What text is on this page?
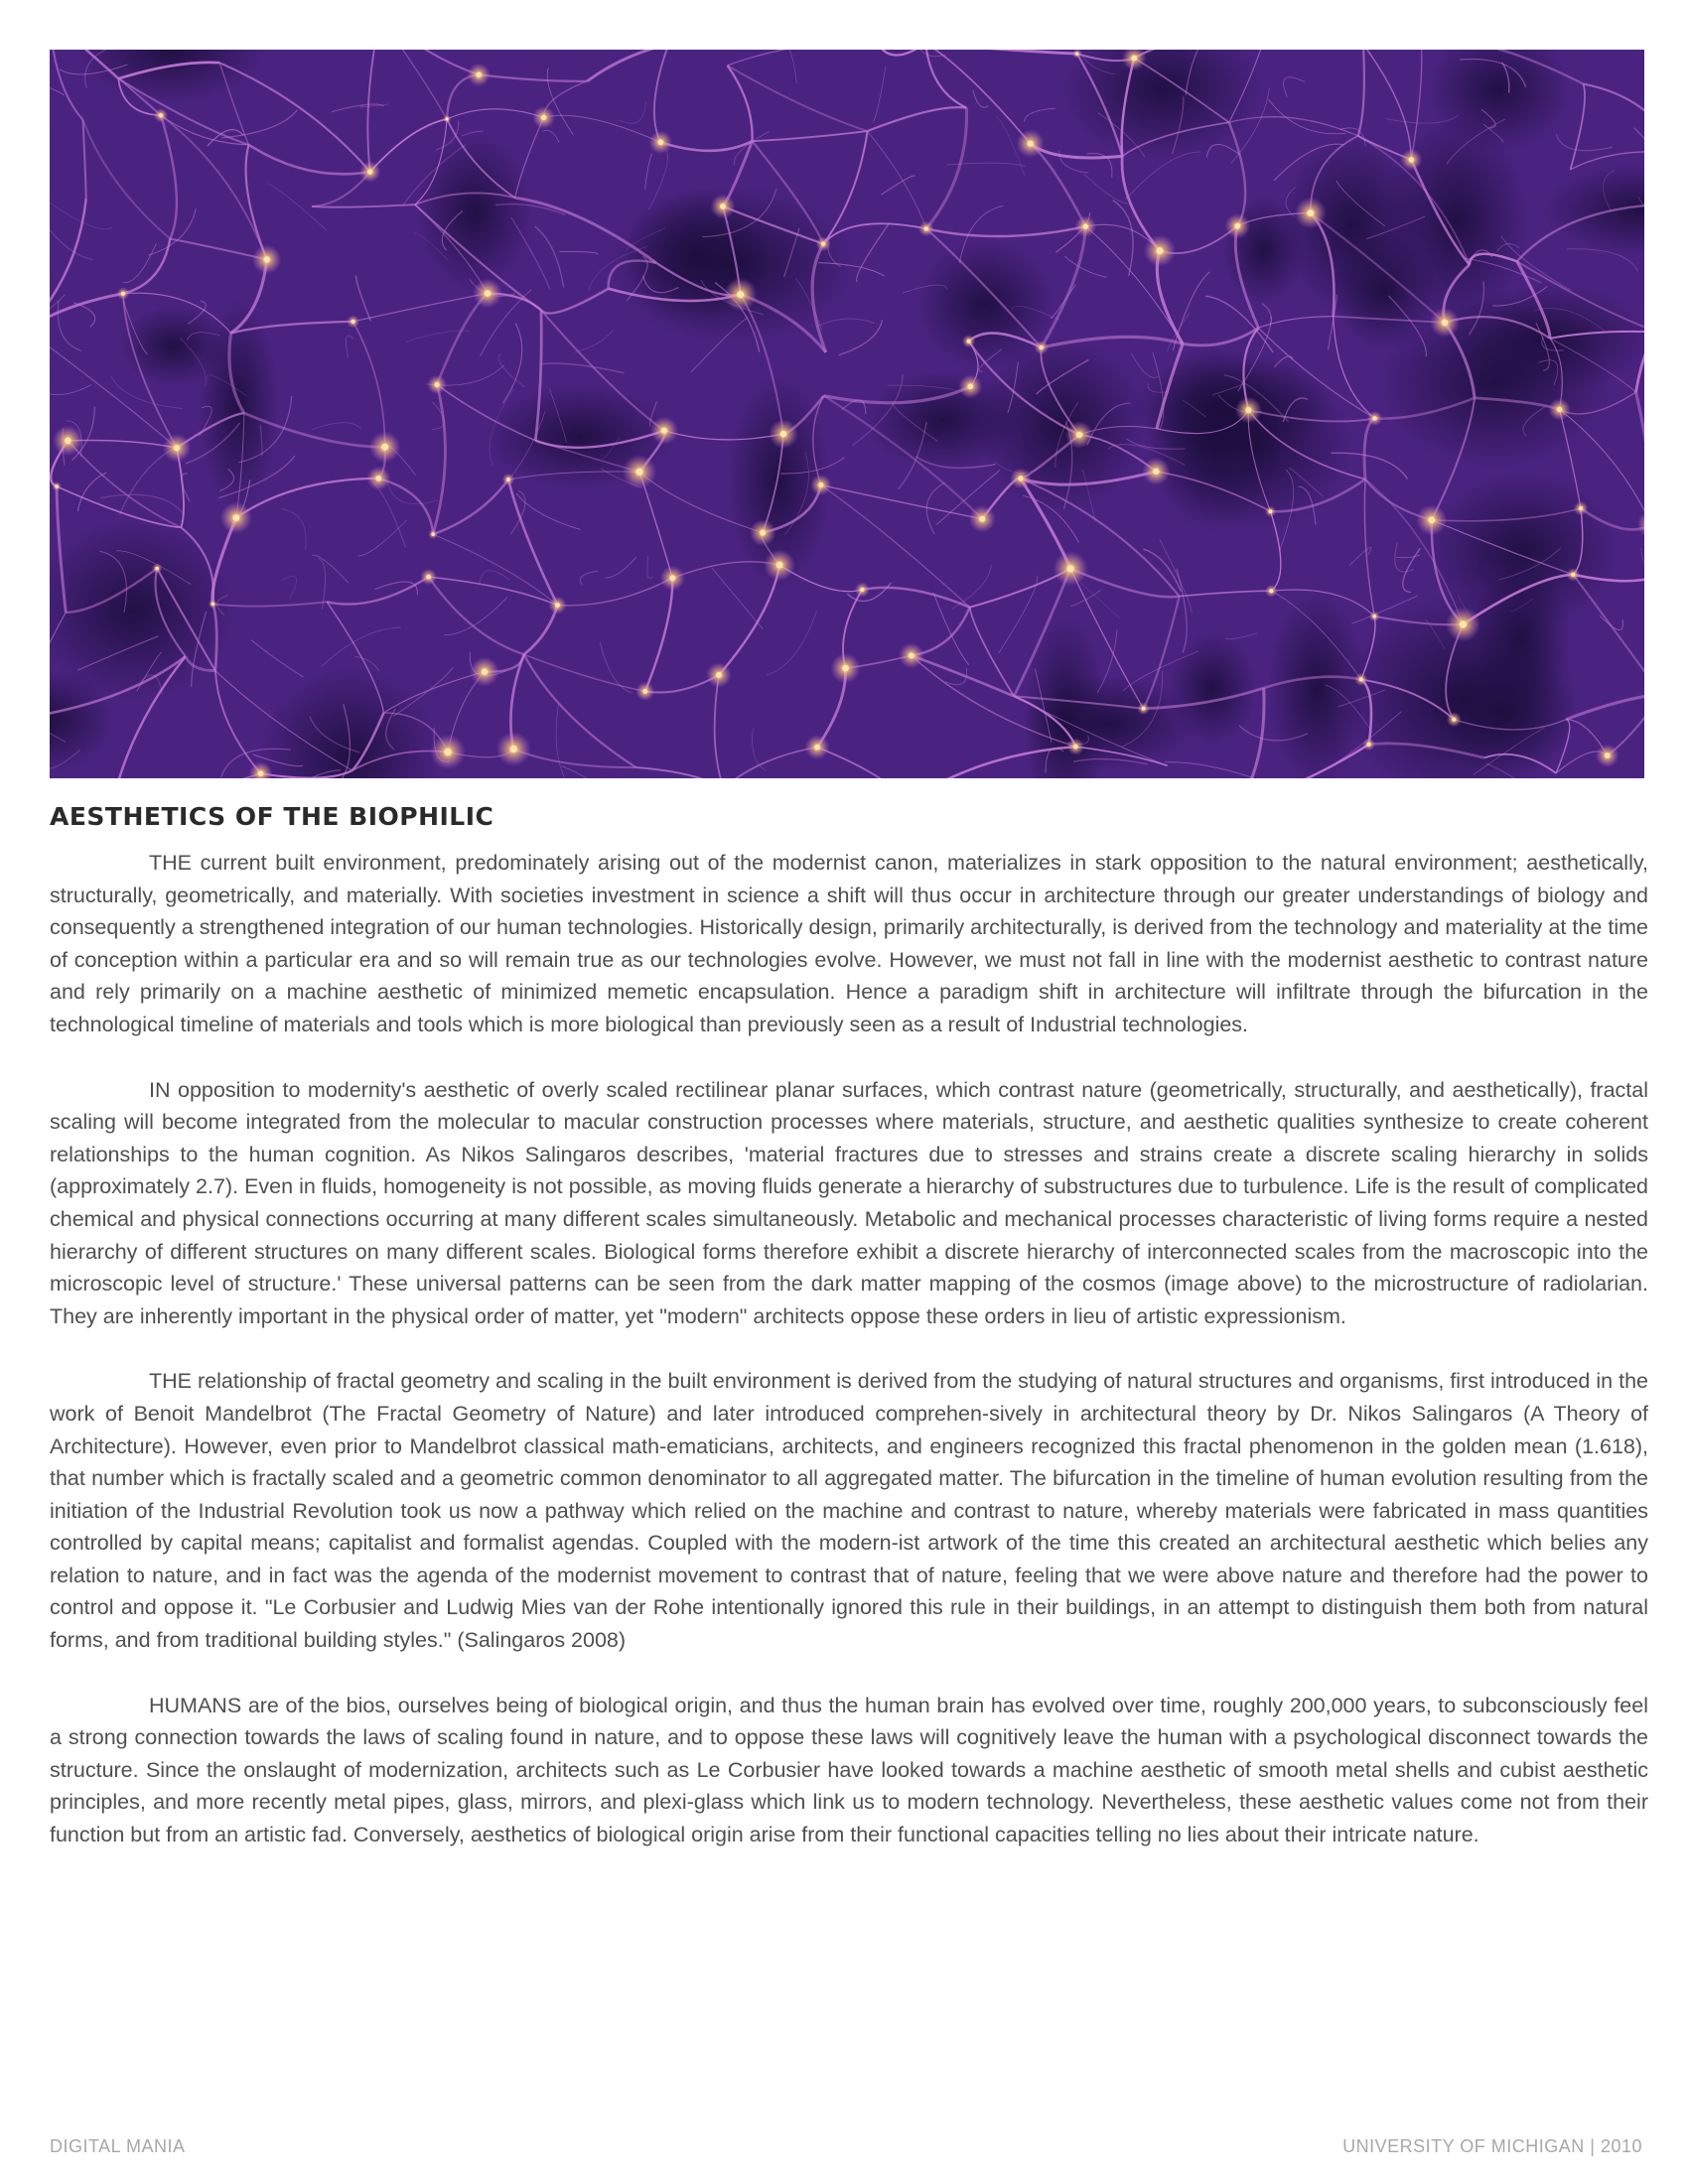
AESTHETICS OF THE BIOPHILIC

THE current built environment, predominately arising out of the modernist canon, materializes in stark opposition to the natural environment; aesthetically, structurally, geometrically, and materially. With societies investment in science a shift will thus occur in architecture through our greater understandings of biology and consequently a strengthened integration of our human technologies. Historically design, primarily architecturally, is derived from the technology and materiality at the time of conception within a particular era and so will remain true as our technologies evolve. However, we must not fall in line with the modernist aesthetic to contrast nature and rely primarily on a machine aesthetic of minimized memetic encapsulation. Hence a paradigm shift in architecture will infiltrate through the bifurcation in the technological timeline of materials and tools which is more biological than previously seen as a result of Industrial technologies.

IN opposition to modernity's aesthetic of overly scaled rectilinear planar surfaces, which contrast nature (geometrically, structurally, and aesthetically), fractal scaling will become integrated from the molecular to macular construction processes where materials, structure, and aesthetic qualities synthesize to create coherent relationships to the human cognition. As Nikos Salingaros describes, 'material fractures due to stresses and strains create a discrete scaling hierarchy in solids (approximately 2.7). Even in fluids, homogeneity is not possible, as moving fluids generate a hierarchy of substructures due to turbulence. Life is the result of complicated chemical and physical connections occurring at many different scales simultaneously. Metabolic and mechanical processes characteristic of living forms require a nested hierarchy of different structures on many different scales. Biological forms therefore exhibit a discrete hierarchy of interconnected scales from the macroscopic into the microscopic level of structure.' These universal patterns can be seen from the dark matter mapping of the cosmos (image above) to the microstructure of radiolarian. They are inherently important in the physical order of matter, yet "modern" architects oppose these orders in lieu of artistic expressionism.

THE relationship of fractal geometry and scaling in the built environment is derived from the studying of natural structures and organisms, first introduced in the work of Benoit Mandelbrot (The Fractal Geometry of Nature) and later introduced comprehen-sively in architectural theory by Dr. Nikos Salingaros (A Theory of Architecture). However, even prior to Mandelbrot classical math-ematicians, architects, and engineers recognized this fractal phenomenon in the golden mean (1.618), that number which is fractally scaled and a geometric common denominator to all aggregated matter. The bifurcation in the timeline of human evolution resulting from the initiation of the Industrial Revolution took us now a pathway which relied on the machine and contrast to nature, whereby materials were fabricated in mass quantities controlled by capital means; capitalist and formalist agendas. Coupled with the modern-ist artwork of the time this created an architectural aesthetic which belies any relation to nature, and in fact was the agenda of the modernist movement to contrast that of nature, feeling that we were above nature and therefore had the power to control and oppose it. "Le Corbusier and Ludwig Mies van der Rohe intentionally ignored this rule in their buildings, in an attempt to distinguish them both from natural forms, and from traditional building styles." (Salingaros 2008)

HUMANS are of the bios, ourselves being of biological origin, and thus the human brain has evolved over time, roughly 200,000 years, to subconsciously feel a strong connection towards the laws of scaling found in nature, and to oppose these laws will cognitively leave the human with a psychological disconnect towards the structure. Since the onslaught of modernization, architects such as Le Corbusier have looked towards a machine aesthetic of smooth metal shells and cubist aesthetic principles, and more recently metal pipes, glass, mirrors, and plexi-glass which link us to modern technology. Nevertheless, these aesthetic values come not from their function but from an artistic fad. Conversely, aesthetics of biological origin arise from their functional capacities telling no lies about their intricate nature.

DIGITAL MANIA	UNIVERSITY OF MICHIGAN | 2010
